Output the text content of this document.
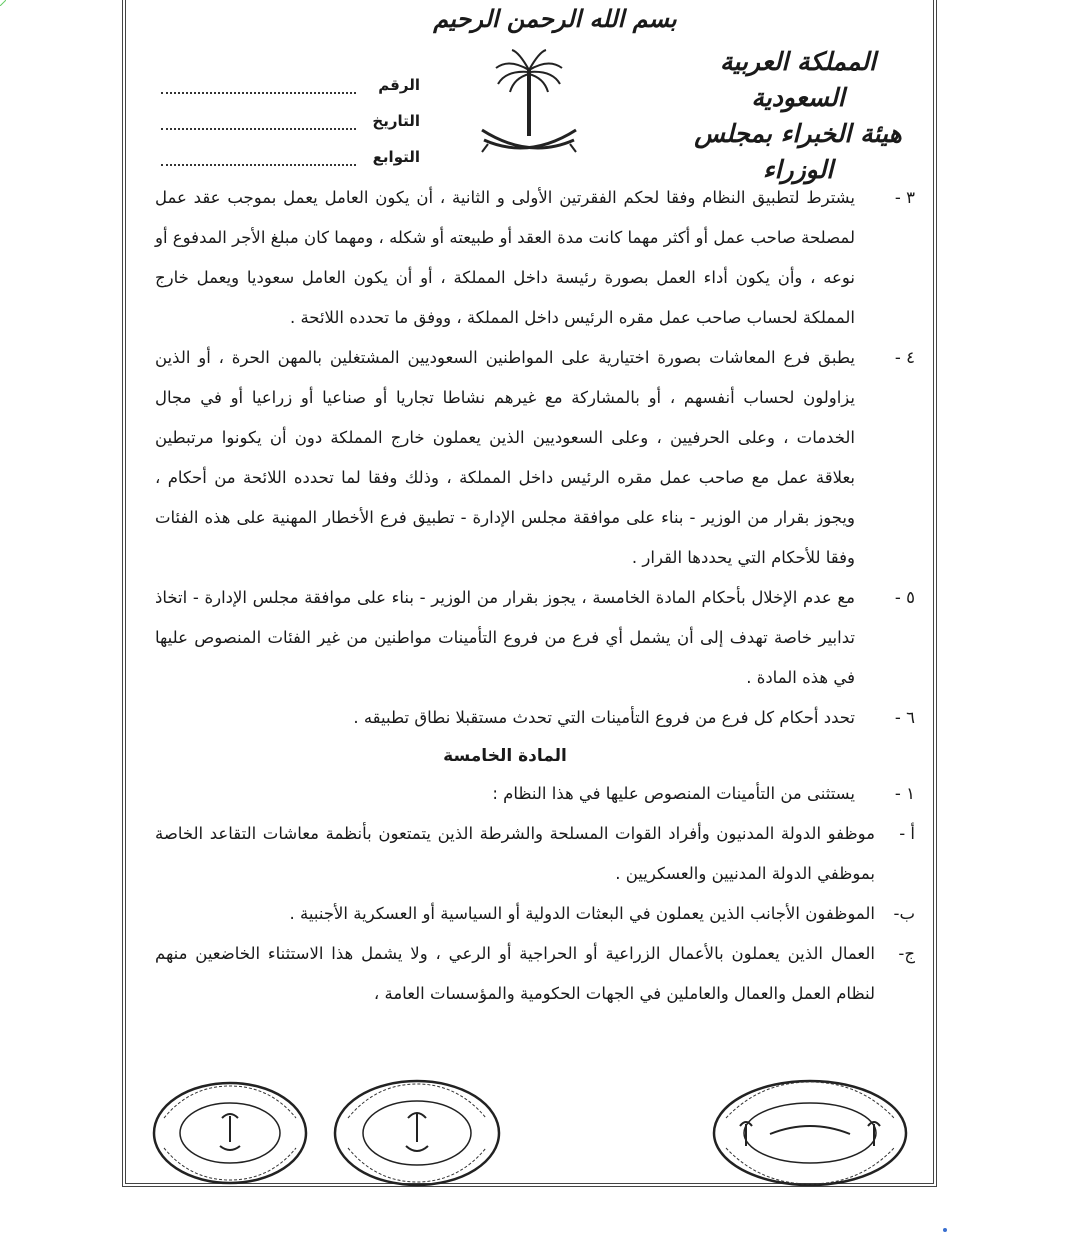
بسم الله الرحمن الرحيم
المملكة العربية السعودية
هيئة الخبراء بمجلس الوزراء
الرقم
التاريخ
التوابع
٣ -
يشترط لتطبيق النظام وفقا لحكم الفقرتين الأولى و الثانية ، أن يكون العامل يعمل بموجب عقد عمل لمصلحة صاحب عمل أو أكثر مهما كانت مدة العقد أو طبيعته أو شكله ، ومهما كان مبلغ الأجر المدفوع أو نوعه ، وأن يكون أداء العمل بصورة رئيسة داخل المملكة ، أو أن يكون العامل سعوديا ويعمل خارج المملكة لحساب صاحب عمل مقره الرئيس داخل المملكة ، ووفق ما تحدده اللائحة .
٤ -
يطبق فرع المعاشات بصورة اختيارية على المواطنين السعوديين المشتغلين بالمهن الحرة ، أو الذين يزاولون لحساب أنفسهم ، أو بالمشاركة مع غيرهم نشاطا تجاريا أو صناعيا أو زراعيا أو في مجال الخدمات ، وعلى الحرفيين ، وعلى السعوديين الذين يعملون خارج المملكة دون أن يكونوا مرتبطين بعلاقة عمل مع صاحب عمل مقره الرئيس داخل المملكة ، وذلك وفقا لما تحدده اللائحة من أحكام ، ويجوز بقرار من الوزير - بناء على موافقة مجلس الإدارة - تطبيق فرع الأخطار المهنية على هذه الفئات وفقا للأحكام التي يحددها القرار .
٥ -
مع عدم الإخلال بأحكام المادة الخامسة ، يجوز بقرار من الوزير - بناء على موافقة مجلس الإدارة - اتخاذ تدابير خاصة تهدف إلى أن يشمل أي فرع من فروع التأمينات مواطنين من غير الفئات المنصوص عليها في هذه المادة .
٦ -
تحدد أحكام كل فرع من فروع التأمينات التي تحدث مستقبلا نطاق تطبيقه .
المادة الخامسة
١ -
يستثنى من التأمينات المنصوص عليها في هذا النظام :
أ -
موظفو الدولة المدنيون وأفراد القوات المسلحة والشرطة الذين يتمتعون بأنظمة معاشات التقاعد الخاصة بموظفي الدولة المدنيين والعسكريين .
ب-
الموظفون الأجانب الذين يعملون في البعثات الدولية أو السياسية أو العسكرية الأجنبية .
ج-
العمال الذين يعملون بالأعمال الزراعية أو الحراجية أو الرعي ، ولا يشمل هذا الاستثناء الخاضعين منهم لنظام العمل والعمال والعاملين في الجهات الحكومية والمؤسسات العامة ،
